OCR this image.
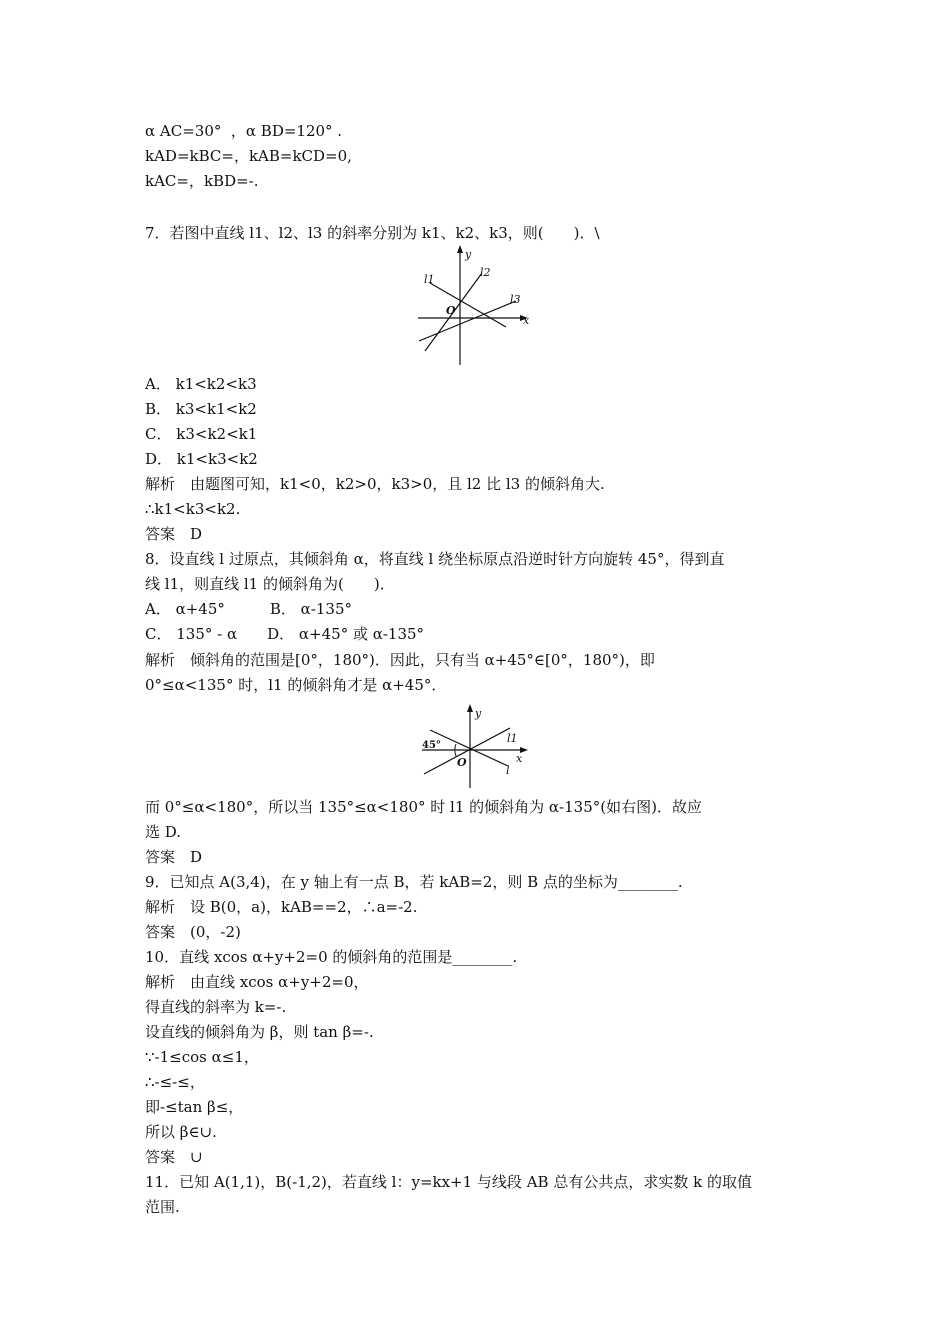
α AC=30°  ，α BD=120° .
kAD=kBC=，kAB=kCD=0,
kAC=，kBD=-.
7．若图中直线 l1、l2、l3 的斜率分别为 k1、k2、k3，则(　　)．\
y
x
O
l1
l2
l3
A． k1<k2<k3
B． k3<k1<k2
C． k3<k2<k1
D． k1<k3<k2
解析　由题图可知，k1<0，k2>0，k3>0，且 l2 比 l3 的倾斜角大.
∴k1<k3<k2.
答案　D
8．设直线 l 过原点，其倾斜角 α，将直线 l 绕坐标原点沿逆时针方向旋转 45°，得到直
线 l1，则直线 l1 的倾斜角为(　　)．
A． α+45°　　　B． α-135°
C． 135° - α　　D． α+45° 或 α-135°
解析　倾斜角的范围是[0°，180°)．因此，只有当 α+45°∈[0°，180°)，即
0°≤α<135° 时，l1 的倾斜角才是 α+45°．
y
x
O
45°
l1
l
而 0°≤α<180°，所以当 135°≤α<180° 时 l1 的倾斜角为 α-135°(如右图)．故应
选 D.
答案　D
9．已知点 A(3,4)，在 y 轴上有一点 B，若 kAB=2，则 B 点的坐标为________.
解析　设 B(0，a)，kAB==2，∴a=-2.
答案　(0，-2)
10．直线 xcos α+y+2=0 的倾斜角的范围是________.
解析　由直线 xcos α+y+2=0，
得直线的斜率为 k=-.
设直线的倾斜角为 β，则 tan β=-.
∵-1≤cos α≤1，
∴-≤-≤，
即-≤tan β≤，
所以 β∈∪.
答案　∪
11．已知 A(1,1)，B(-1,2)，若直线 l：y=kx+1 与线段 AB 总有公共点，求实数 k 的取值
范围.
